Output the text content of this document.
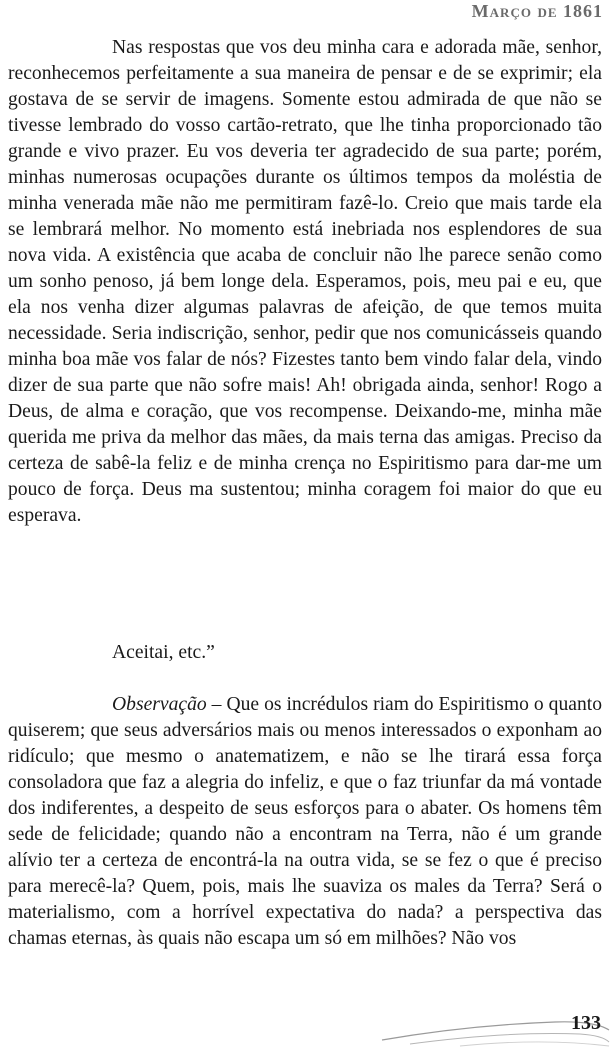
Março de 1861

Nas respostas que vos deu minha cara e adorada mãe, senhor, reconhecemos perfeitamente a sua maneira de pensar e de se exprimir; ela gostava de se servir de imagens. Somente estou admirada de que não se tivesse lembrado do vosso cartão-retrato, que lhe tinha proporcionado tão grande e vivo prazer. Eu vos deveria ter agradecido de sua parte; porém, minhas numerosas ocupações durante os últimos tempos da moléstia de minha venerada mãe não me permitiram fazê-lo. Creio que mais tarde ela se lembrará melhor. No momento está inebriada nos esplendores de sua nova vida. A existência que acaba de concluir não lhe parece senão como um sonho penoso, já bem longe dela. Esperamos, pois, meu pai e eu, que ela nos venha dizer algumas palavras de afeição, de que temos muita necessidade. Seria indiscrição, senhor, pedir que nos comunicásseis quando minha boa mãe vos falar de nós? Fizestes tanto bem vindo falar dela, vindo dizer de sua parte que não sofre mais! Ah! obrigada ainda, senhor! Rogo a Deus, de alma e coração, que vos recompense. Deixando-me, minha mãe querida me priva da melhor das mães, da mais terna das amigas. Preciso da certeza de sabê-la feliz e de minha crença no Espiritismo para dar-me um pouco de força. Deus ma sustentou; minha coragem foi maior do que eu esperava.

Aceitai, etc.”

Observação – Que os incrédulos riam do Espiritismo o quanto quiserem; que seus adversários mais ou menos interessados o exponham ao ridículo; que mesmo o anatematizem, e não se lhe tirará essa força consoladora que faz a alegria do infeliz, e que o faz triunfar da má vontade dos indiferentes, a despeito de seus esforços para o abater. Os homens têm sede de felicidade; quando não a encontram na Terra, não é um grande alívio ter a certeza de encontrá-la na outra vida, se se fez o que é preciso para merecê-la? Quem, pois, mais lhe suaviza os males da Terra? Será o materialismo, com a horrível expectativa do nada? a perspectiva das chamas eternas, às quais não escapa um só em milhões? Não vos

133
